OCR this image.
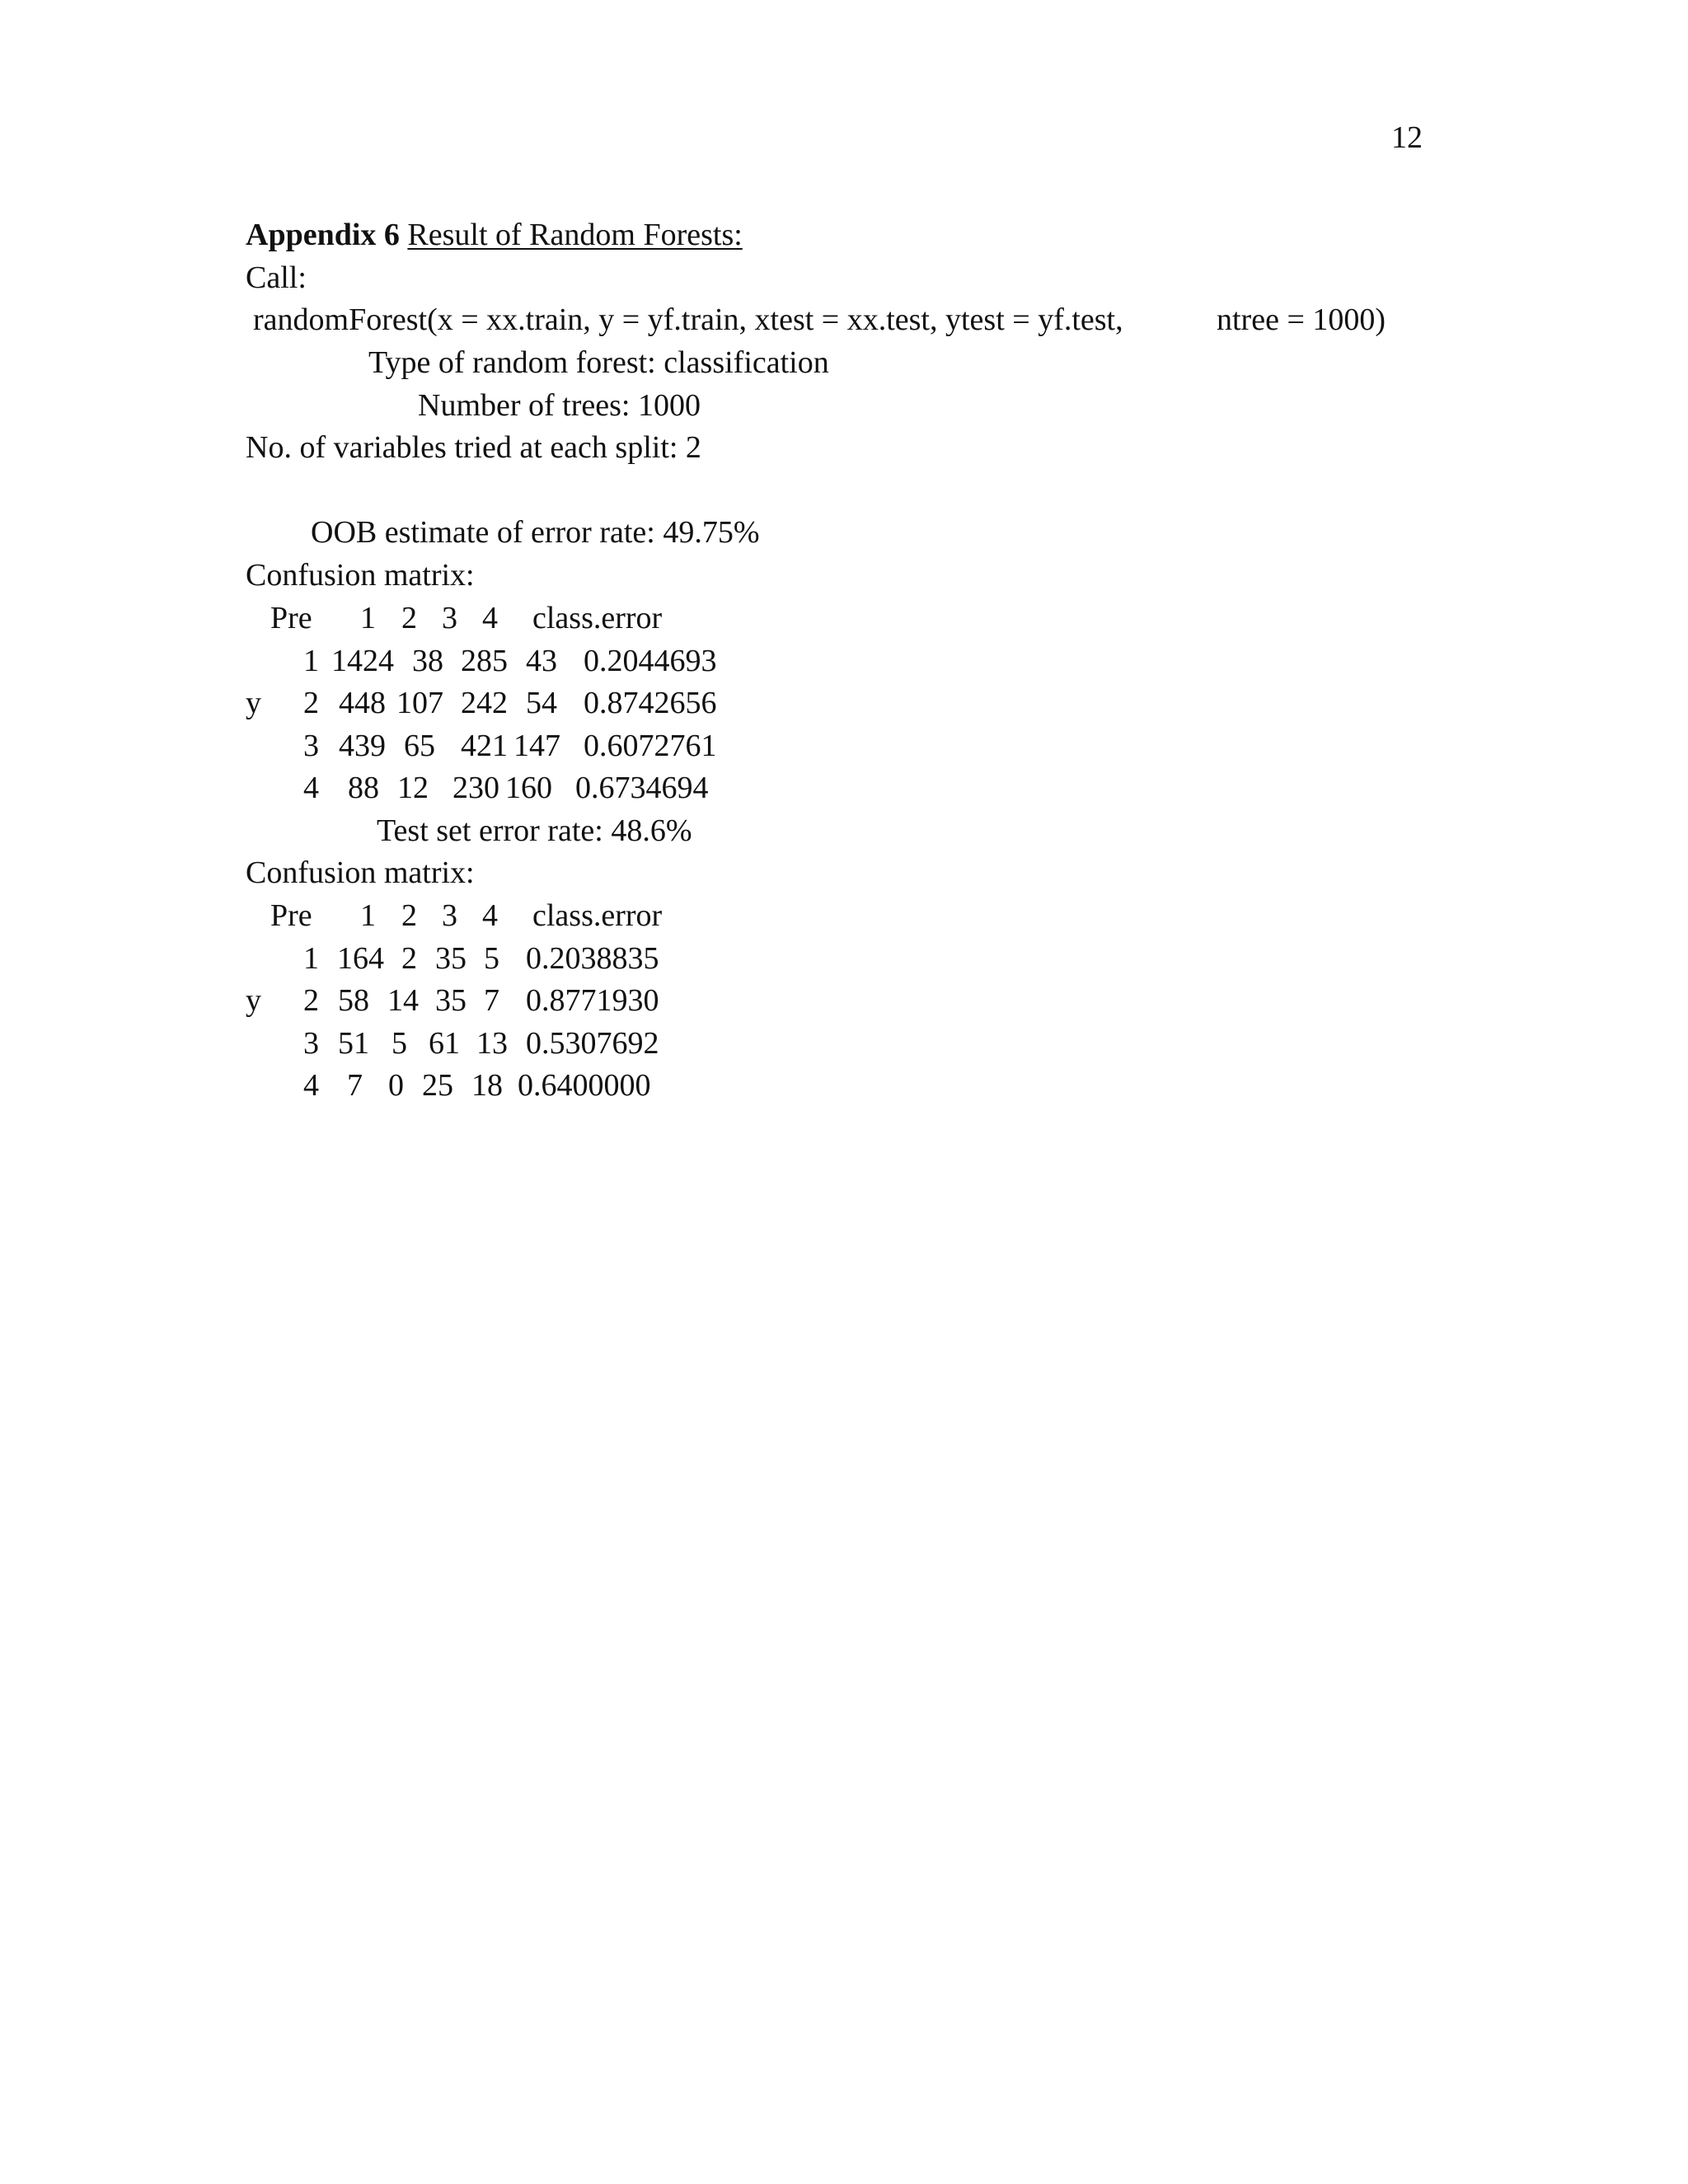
12
Appendix 6 Result of Random Forests:
Call:
randomForest(x = xx.train, y = yf.train, xtest = xx.test, ytest = yf.test,	ntree = 1000)
Type of random forest: classification
Number of trees: 1000
No. of variables tried at each split: 2
OOB estimate of error rate: 49.75%
Confusion matrix:

Pre

1

2

3

4

class.error

1

1424

38

285

43

0.2044693

y

2

448

107

242

54

0.8742656

3

439

65

421

147

0.6072761

4

88

12

230

160

0.6734694

Test set error rate: 48.6%
Confusion matrix:

Pre

1

2

3

4

class.error

1

164

2

35

5

0.2038835

y

2

58

14

35

7

0.8771930

3

51

5

61

13

0.5307692

4

7

0

25

18

0.6400000
